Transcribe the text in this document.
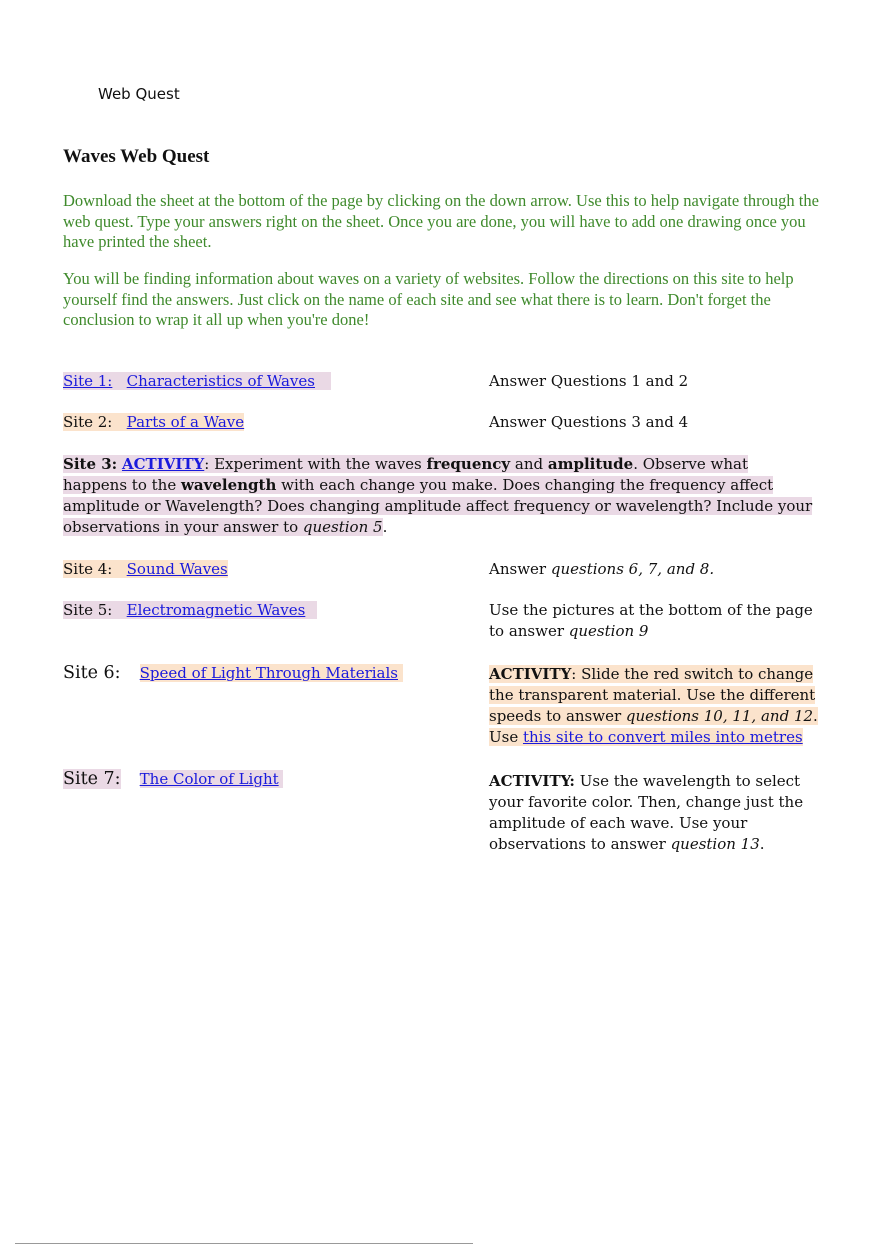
Web Quest
Waves Web Quest
Download the sheet at the bottom of the page by clicking on the down arrow. Use this to help navigate through the web quest. Type your answers right on the sheet. Once you are done, you will have to add one drawing once you have printed the sheet.
You will be finding information about waves on a variety of websites. Follow the directions on this site to help yourself find the answers. Just click on the name of each site and see what there is to learn. Don't forget the conclusion to wrap it all up when you're done!
Site 1: Characteristics of Waves	Answer Questions 1 and 2
Site 2: Parts of a Wave	Answer Questions 3 and 4
Site 3: ACTIVITY: Experiment with the waves frequency and amplitude. Observe what happens to the wavelength with each change you make. Does changing the frequency affect amplitude or Wavelength? Does changing amplitude affect frequency or wavelength? Include your observations in your answer to question 5.
Site 4: Sound Waves	Answer questions 6, 7, and 8.
Site 5: Electromagnetic Waves	Use the pictures at the bottom of the page to answer question 9
Site 6: Speed of Light Through Materials	ACTIVITY: Slide the red switch to change the transparent material. Use the different speeds to answer questions 10, 11, and 12. Use this site to convert miles into metres
Site 7: The Color of Light	ACTIVITY: Use the wavelength to select your favorite color. Then, change just the amplitude of each wave. Use your observations to answer question 13.
